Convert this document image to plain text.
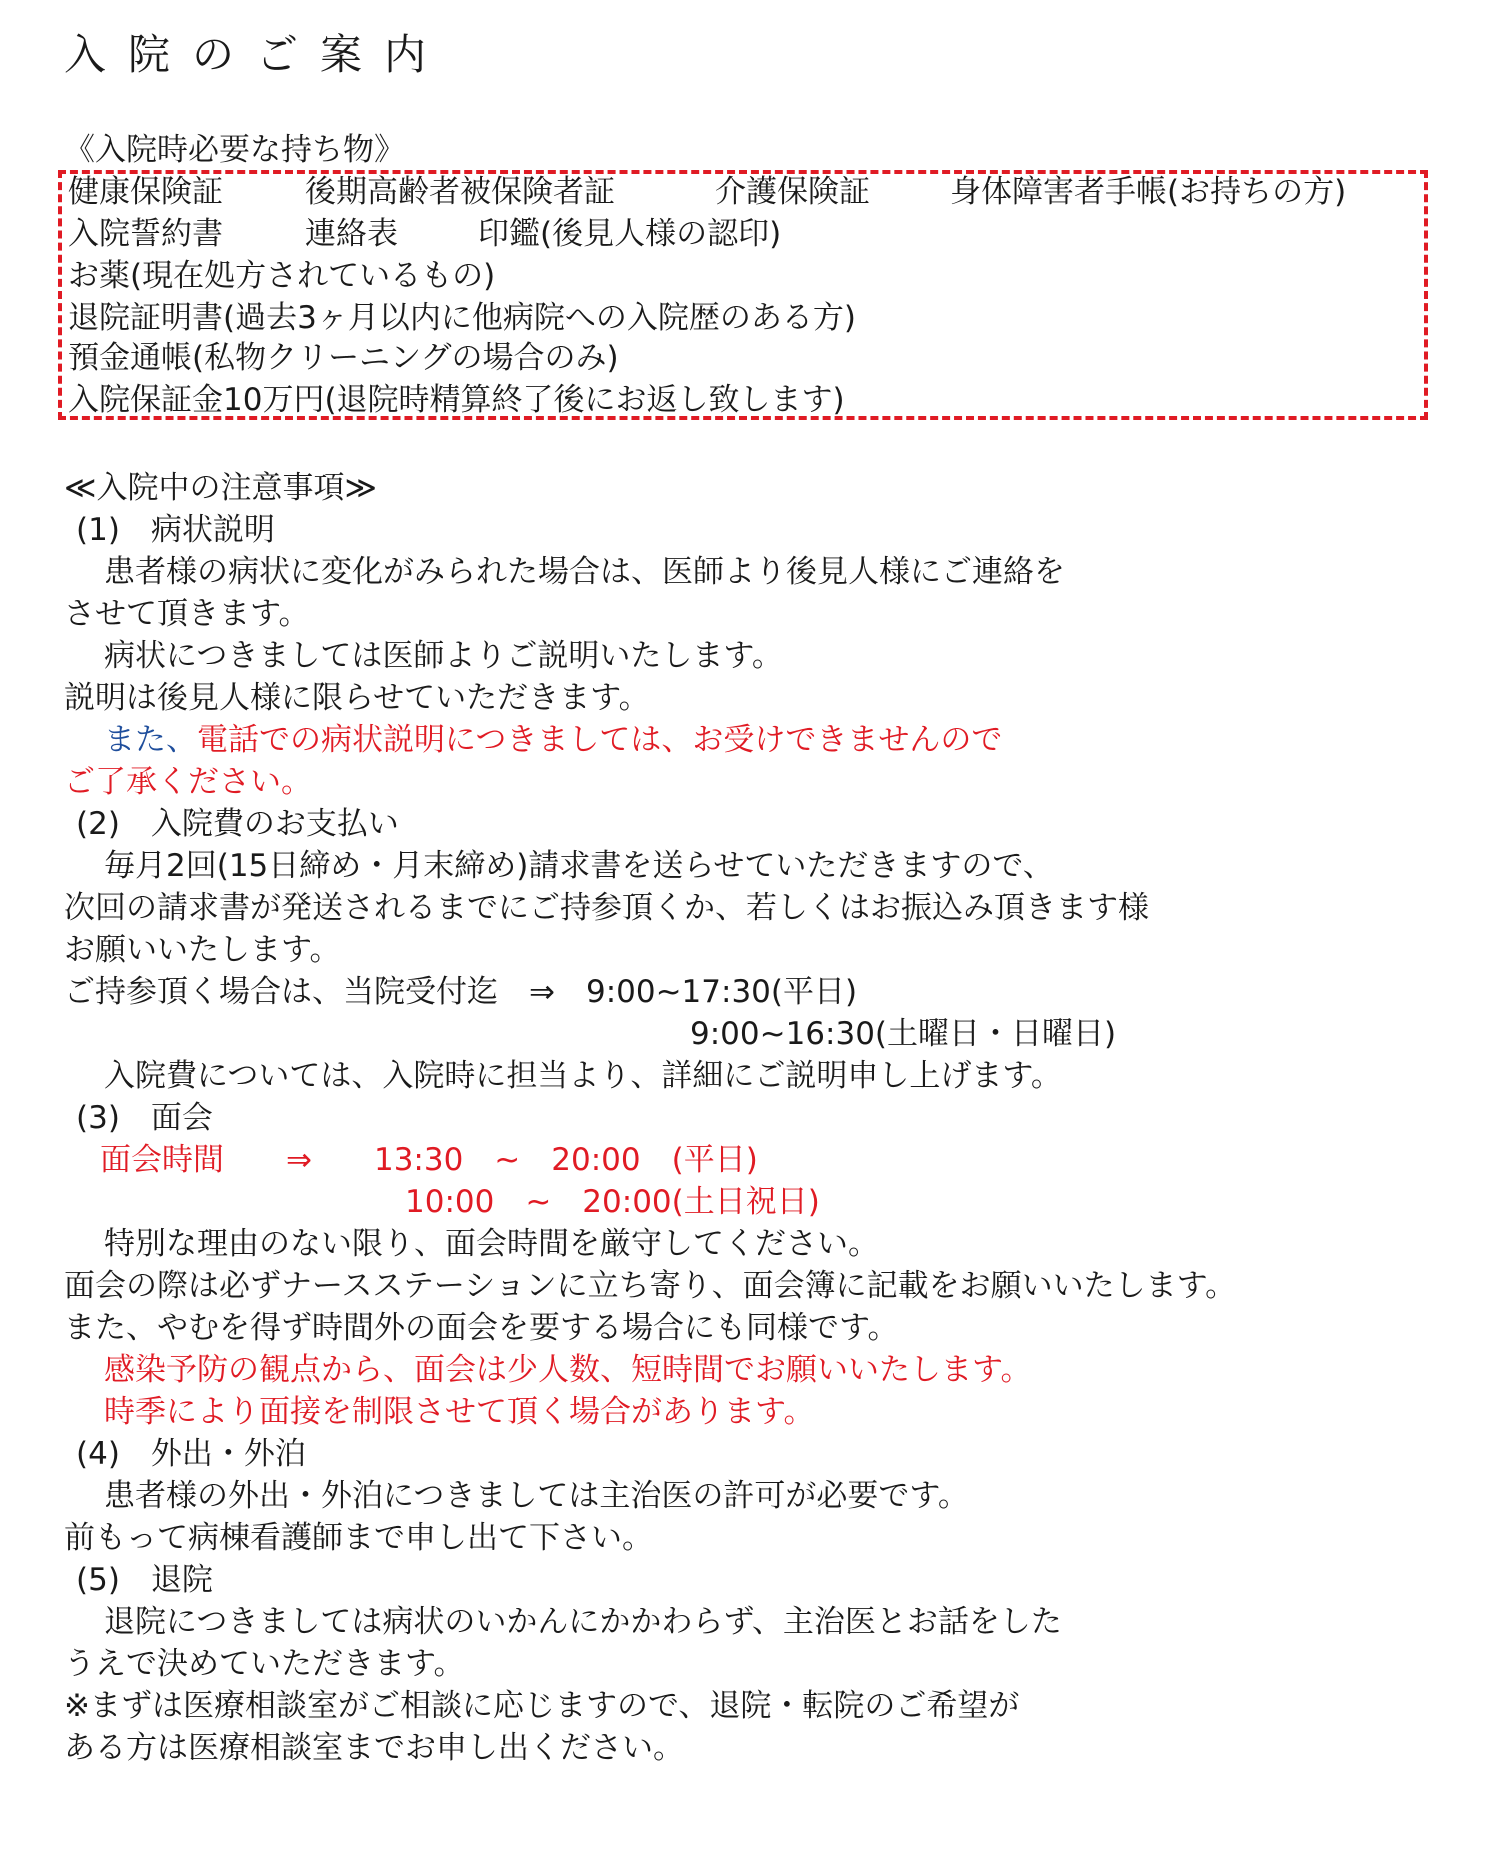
入院のご案内
《入院時必要な持ち物》
健康保険証	後期高齢者被保険者証	介護保険証	身体障害者手帳(お持ちの方)
入院誓約書	連絡表	印鑑(後見人様の認印)
お薬(現在処方されているもの)
退院証明書(過去3ヶ月以内に他病院への入院歴のある方)
預金通帳(私物クリーニングの場合のみ)
入院保証金10万円(退院時精算終了後にお返し致します)
≪入院中の注意事項≫
(1)　病状説明
患者様の病状に変化がみられた場合は、医師より後見人様にご連絡を
させて頂きます。
病状につきましては医師よりご説明いたします。
説明は後見人様に限らせていただきます。
また、電話での病状説明につきましては、お受けできませんので
ご了承ください。
(2)　入院費のお支払い
毎月2回(15日締め・月末締め)請求書を送らせていただきますので、
次回の請求書が発送されるまでにご持参頂くか、若しくはお振込み頂きます様
お願いいたします。
ご持参頂く場合は、当院受付迄　⇒　9:00~17:30(平日)
9:00~16:30(土曜日・日曜日)
入院費については、入院時に担当より、詳細にご説明申し上げます。
(3)　面会
面会時間　　⇒　　13:30　~　20:00　(平日)
10:00　~　20:00(土日祝日)
特別な理由のない限り、面会時間を厳守してください。
面会の際は必ずナースステーションに立ち寄り、面会簿に記載をお願いいたします。
また、やむを得ず時間外の面会を要する場合にも同様です。
感染予防の観点から、面会は少人数、短時間でお願いいたします。
時季により面接を制限させて頂く場合があります。
(4)　外出・外泊
患者様の外出・外泊につきましては主治医の許可が必要です。
前もって病棟看護師まで申し出て下さい。
(5)　退院
退院につきましては病状のいかんにかかわらず、主治医とお話をした
うえで決めていただきます。
※まずは医療相談室がご相談に応じますので、退院・転院のご希望が
ある方は医療相談室までお申し出ください。
